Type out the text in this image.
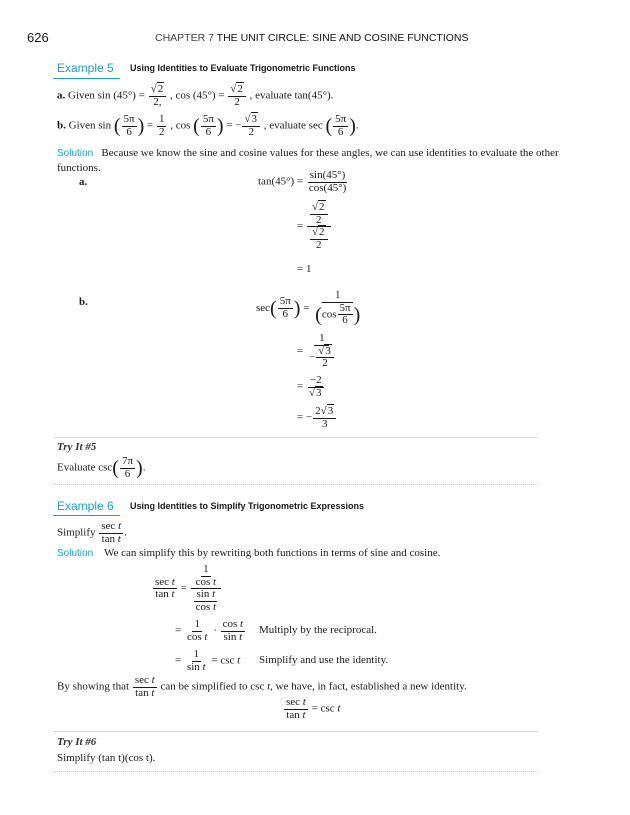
626	CHAPTER 7 THE UNIT CIRCLE: SINE AND COSINE FUNCTIONS
Example 5 Using Identities to Evaluate Trigonometric Functions
a. Given $\sin (45^\circ) = \frac{√2}{2,}$ , $\cos (45^\circ) = \frac{√2}{2}$ , evaluate tan(45°).
b. Given sin ( $\frac{5\pi}{6}$ ) = $\frac{1}{2}$ , cos ( $\frac{5\pi}{6}$ ) = − $\frac{√3}{2}$ , evaluate sec ( $\frac{5\pi}{6}$ ).
Solution Because we know the sine and cosine values for these angles, we can use identities to evaluate the other functions.
a.	$\tan(45^\circ) = \frac{\sin(45^\circ)}{\cos(45^\circ)}$
= $\frac{\frac{√2}{2}}{\frac{√2}{2}}$
= 1
b.	$\sec( \frac{5\pi}{6}$ ) = $\frac{1}{(\cos \frac{5\pi}{6} )}$
= $\frac{1}{- \frac{√3}{2}}$
= $\frac{-2}{√3}$
= − $\frac{2√3}{3}$
Try It #5
Evaluate $\csc( \frac{7\pi}{6}$ ).
Example 6 Using Identities to Simplify Trigonometric Expressions
Simplify $\frac{\text{sec t}}{\text{tan t}}$ .
Solution We can simplify this by rewriting both functions in terms of sine and cosine.
$\frac{\text{sec t}}{\text{tan t}} = \frac{\frac{1}{\text{cos t}}}{\frac{\text{sin t}}{\text{cos t}}}$
= $\frac{1}{\text{cos t}} \cdot \frac{\text{cos t}}{\text{sin t}}$ Multiply by the reciprocal.
= $\frac{1}{\text{sin t}} = \csc t$ Simplify and use the identity.
By showing that $\frac{\text{sec t}}{\text{tan t}}$ can be simplified to csc t, we have, in fact, established a new identity.
$\frac{\text{sec t}}{\text{tan t}} = \csc t$
Try It #6
Simplify (tan t)(cos t).
